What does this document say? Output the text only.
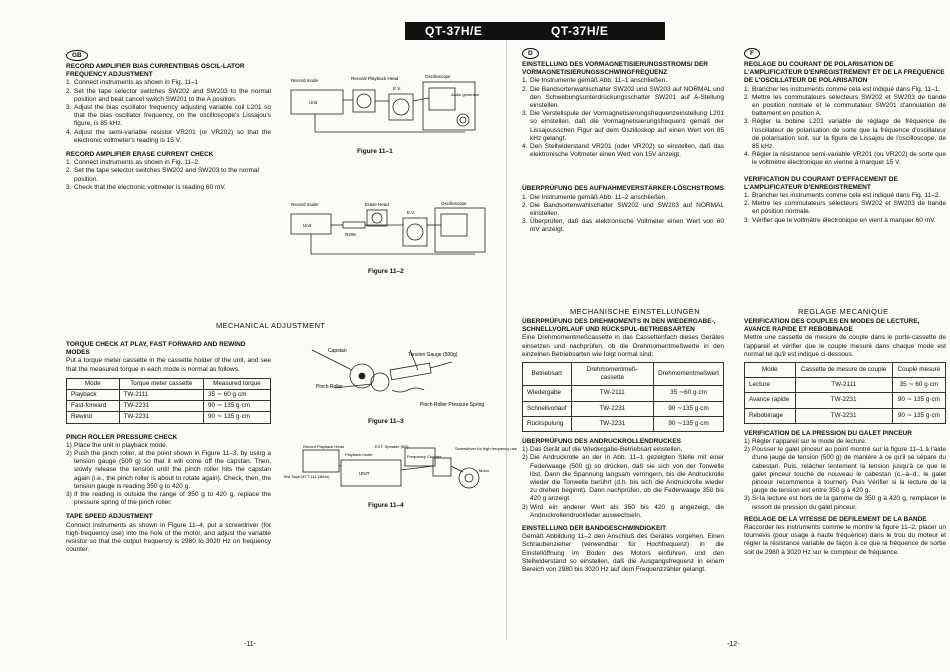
QT-37H/E	QT-37H/E
GB

RECORD AMPLIFIER BIAS CURRENT/BIAS OSCIL-LATOR FREQUENCY ADJUSTMENT

1. Connect instruments as shown in Fig. 11–1
2. Set the tape selector switches SW202 and SW203 to the normal position and beat cancel switch SW201 to the A position.
3. Adjust the bias oscillator frequency adjusting variable coil L201 so that the bias oscillator frequency, on the oscilloscope's Lissajou's figure, is 85 kHz.
4. Adjust the semi-variable resistor VR201 (or VR202) so that the electronic voltmeter's reading is 15 V.

RECORD AMPLIFIER ERASE CURRENT CHECK

1. Connect instruments as shown in Fig. 11–2.
2. Set the tape selector switches SW202 and SW203 to the normal position.
3. Check that the electronic voltmeter is reading 60 mV.
Record mode	Record/ Playback Head
Unit
E.V.
Oscilloscope
Audio generator
Figure 11–1
Record mode	Erase Head
Unit
R209
E.V.
Oscilloscope
Figure 11–2
MECHANICAL ADJUSTMENT

TORQUE CHECK AT PLAY, FAST FORWARD AND REWIND MODES

Put a torque meter cassette in the cassette holder of the unit, and see that the measured torque in each mode is normal as follows.

Mode	Torque meter cassette	Measured torque
Playback	TW-2111	35 ∼ 60 g·cm
Fast-forward	TW-2231	90 ∼ 135 g·cm
Rewind	TW-2231	90 ∼ 135 g·cm

PINCH ROLLER PRESSURE CHECK

1) Place the unit in playback mode.
2) Push the pinch roller, at the point shown in Figure 11–3, by using a tension gauge (500 g) so that it will come off the capstan. Then, slowly release the tension until the pinch roller hits the capstan again (i.e., the pinch roller is about to rotate again). Check, then, the tension gauge is reading 350 g to 420 g.
3) If the reading is outside the range of 350 g to 420 g, replace the pressure spring of the pinch roller.

TAPE SPEED ADJUSTMENT

Connect instruments as shown in Figure 11–4, put a screwdriver (for high-frequency use) into the hole of the motor, and adjust the variable resistor so that the output frequency is 2980 to 3020 Hz on frequency counter.

Capstan
Tension Gauge (500g)
Pinch Roller
Pinch Roller Pressure Spring
Figure 11–3
Record Playback Head
Playback mode
EXT. Speaker (8Ω)
Frequency Counter
Test Tape MTT-111 (3kHz)
UNIT
Motor
Screwdriver for high frequency use
Figure 11–4
-11-
D

EINSTELLUNG DES VORMAGNETISIERUNGSSTROMS/ DER VORMAGNETISIERUNGSSCHWINGFREQUENZ

1. Die Instrumente gemäß Abb. 11–1 anschließen.
2. Die Bandsortenwahlschalter SW202 und SW203 auf NORMAL und den Schwebungsunterdrückungsschalter SW201 auf A-Stellung einstellen.
3. Die Verstellspule der Vormagnetisierungsfrequenzeinstellung L201 so einstellen, daß die Vormagnetisierungsfrequenz gemäß der Lissajousschen Figur auf dem Oszilloskop auf einen Wert von 85 kHz gelangt.
4. Den Stellwiderstand VR201 (oder VR202) so einstellen, daß das elektronische Voltmeter einen Wert von 15V anzeigt.

ÜBERPRÜFUNG DES AUFNAHMEVERSTÄRKER-LÖSCHSTROMS

1. Die Instrumente gemäß Abb. 11–2 anschließen.
2. Die Bandsortenwahlschalter SW202 und SW203 auf NORMAL einstellen.
3. Überprüfen, daß das elektronische Voltmeter einen Wert von 60 mV anzeigt.
MECHANISCHE EINSTELLUNGEN

ÜBERPRÜFUNG DES DREHMOMENTS IN DEN WIEDERGABE-, SCHNELLVORLAUF UND RÜCKSPUL-BETRIEBSARTEN

Eine Drehmomentmeßcassette in das Cassettenfach dieses Gerätes einsetzen und nachprüfen, ob die Drehmomentmeßwerte in den einzelnen Betriebsarten wie folgt normal sind:

Betriebsart	Drehmomentmeß-cassette	Drehmomentmeßwert
Wiedergabe	TW-2111	35 ∼60 g·cm
Schnellvorlauf	TW-2231	90 ∼135 g·cm
Rückspulung	TW-2231	90 ∼135 g·cm

ÜBERPRÜFUNG DES ANDRUCKROLLENDRUCKES

1) Das Gerät auf die Wiedergabe-Betriebsart einstellen.
2) Die Andruckrolle an der in Abb. 11–1 gezeigten Stelle mit einer Federwaage (500 g) so drücken, daß sie sich von der Tonwelle löst. Dann die Spannung langsam verringern, bis die Andruckrolle wieder die Tonwelle berührt (d.h. bis sich die Andruckrolle wieder zu drehen beginnt). Dann nachprüfen, ob die Federwaage 350 bis 420 g anzeigt.
3) Wird ein anderer Wert als 350 bis 420 g angezeigt, die Andruckrollendruckfeder auswechseln.

EINSTELLUNG DER BANDGESCHWINDIGKEIT

Gemäß Abbildung 11–2 den Anschluß des Gerätes vorgehen. Einen Schraubenzieher (verwendbar für Hochfrequenz) in die Einstellöffnung im Boden des Motors einführen, und den Stellwiderstand so einstellen, daß die Ausgangsfrequenz in einem Bereich von 2980 bis 3020 Hz auf dem Frequenzzähler gelangt.

F

REGLAGE DU COURANT DE POLARISATION DE L'AMPLIFICATEUR D'ENREGISTREMENT ET DE LA FREQUENCE DE L'OSCILLATEUR DE POLARISATION

1. Brancher les instruments comme cela est indiqué dans Fig. 11–1.
2. Mettre les commutateurs sélecteurs SW202 et SW203 de bande en position normale et le commutateur SW201 d'annulation de battement en position A.
3. Régler la bobine L201 variable de réglage de fréquence de l'oscillateur de polarisation de sorte que la fréquence d'oscillateur de polarisation soit, sur la figure de Lissajou de l'oscilloscope, de 85 kHz.
4. Régler la résistance semi-variable VR201 (ou VR202) de sorte que le voltmètre électronique en vienne à marquer 15 V.

VERIFICATION DU COURANT D'EFFACEMENT DE L'AMPLIFICATEUR D'ENREGISTREMENT

1. Brancher les instruments comme cela est indiqué dans Fig. 11–2.
2. Mettre les commutateurs sélecteurs SW202 et SW203 de bande en position normale.
3. Vérifier que le voltmètre électronique en vient à marquer 60 mV.
REGLAGE MECANIQUE

VERIFICATION DES COUPLES EN MODES DE LECTURE, AVANCE RAPIDE ET REBOBINAGE

Mettre une cassette de mesure de couple dans le porte-cassette de l'appareil et vérifier que le couple mesuré dans chaque mode est normal tel qu'il est indiqué ci-dessous.

Mode	Cassette de mesure de couple	Couple mesuré
Lecture	TW-2111	35 ∼ 60 g·cm
Avance rapide	TW-2231	90 ∼ 135 g·cm
Rebobinage	TW-2231	90 ∼ 135 g·cm

VERIFICATION DE LA PRESSION DU GALET PINCEUR

1) Régler l'appareil sur le mode de lecture.
2) Pousser le galet pinceur au point montré sur la figure 11–1 à l'aide d'une jauge de tension (500 g) de manière à ce qu'il se sépare du cabestan. Puis, relâcher lentement la tension jusqu'à ce que le galet pinceur touche de nouveau le cabestan (c.–à–d., le galet pinceur recommence à tourner). Puis Vérifier si la lecture de la jauge de tension est entre 350 g à 420 g.
3) Si la lecture est hors de la gamme de 350 g à 420 g, remplacer le ressort de pression du galet pinceur.

REGLAGE DE LA VITESSE DE DEFILEMENT DE LA BANDE

Raccorder les instruments comme le montre la figure 11–2, placer un tournevis (pour usage à haute fréquence) dans le trou du moteur et régler la résistance variable de façon à ce que la fréquence de sortie soit de 2980 à 3020 Hz sur le compteur de fréquence.

-12-
